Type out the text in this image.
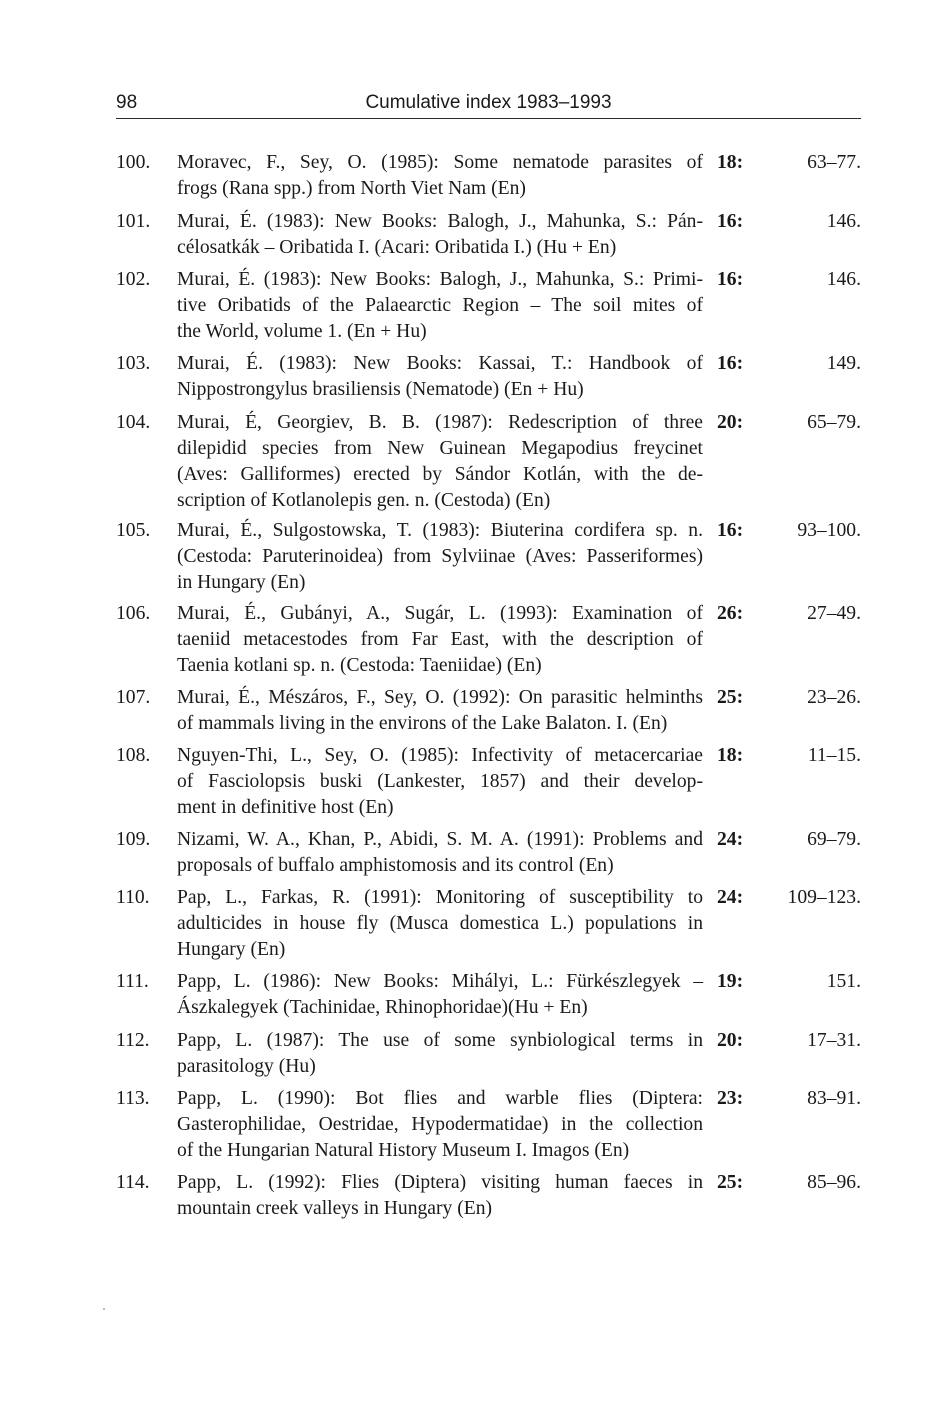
98	Cumulative index 1983–1993
100. Moravec, F., Sey, O. (1985): Some nematode parasites of
frogs (Rana spp.) from North Viet Nam (En)
18:	63–77.
101. Murai, É. (1983): New Books: Balogh, J., Mahunka, S.: Pán-
célosatkák – Oribatida I. (Acari: Oribatida I.) (Hu + En)
16:	146.
102. Murai, É. (1983): New Books: Balogh, J., Mahunka, S.: Primi-
tive Oribatids of the Palaearctic Region – The soil mites of
the World, volume 1. (En + Hu)
16:	146.
103. Murai, É. (1983): New Books: Kassai, T.: Handbook of
Nippostrongylus brasiliensis (Nematode) (En + Hu)
16:	149.
104. Murai, É, Georgiev, B. B. (1987): Redescription of three
dilepidid species from New Guinean Megapodius freycinet
(Aves: Galliformes) erected by Sándor Kotlán, with the de-
scription of Kotlanolepis gen. n. (Cestoda) (En)
20:	65–79.
105. Murai, É., Sulgostowska, T. (1983): Biuterina cordifera sp. n.
(Cestoda: Paruterinoidea) from Sylviinae (Aves: Passeriformes)
in Hungary (En)
16:	93–100.
106. Murai, É., Gubányi, A., Sugár, L. (1993): Examination of
taeniid metacestodes from Far East, with the description of
Taenia kotlani sp. n. (Cestoda: Taeniidae) (En)
26:	27–49.
107. Murai, É., Mészáros, F., Sey, O. (1992): On parasitic helminths
of mammals living in the environs of the Lake Balaton. I. (En)
25:	23–26.
108. Nguyen-Thi, L., Sey, O. (1985): Infectivity of metacercariae
of Fasciolopsis buski (Lankester, 1857) and their develop-
ment in definitive host (En)
18:	11–15.
109. Nizami, W. A., Khan, P., Abidi, S. M. A. (1991): Problems and
proposals of buffalo amphistomosis and its control (En)
24:	69–79.
110. Pap, L., Farkas, R. (1991): Monitoring of susceptibility to
adulticides in house fly (Musca domestica L.) populations in
Hungary (En)
24: 109–123.
111. Papp, L. (1986): New Books: Mihályi, L.: Fürkészlegyek –
Ászkalegyek (Tachinidae, Rhinophoridae)(Hu + En)
19:	151.
112. Papp, L. (1987): The use of some synbiological terms in
parasitology (Hu)
20:	17–31.
113. Papp, L. (1990): Bot flies and warble flies (Diptera:
Gasterophilidae, Oestridae, Hypodermatidae) in the collection
of the Hungarian Natural History Museum I. Imagos (En)
23:	83–91.
114. Papp, L. (1992): Flies (Diptera) visiting human faeces in
mountain creek valleys in Hungary (En)
25:	85–96.
